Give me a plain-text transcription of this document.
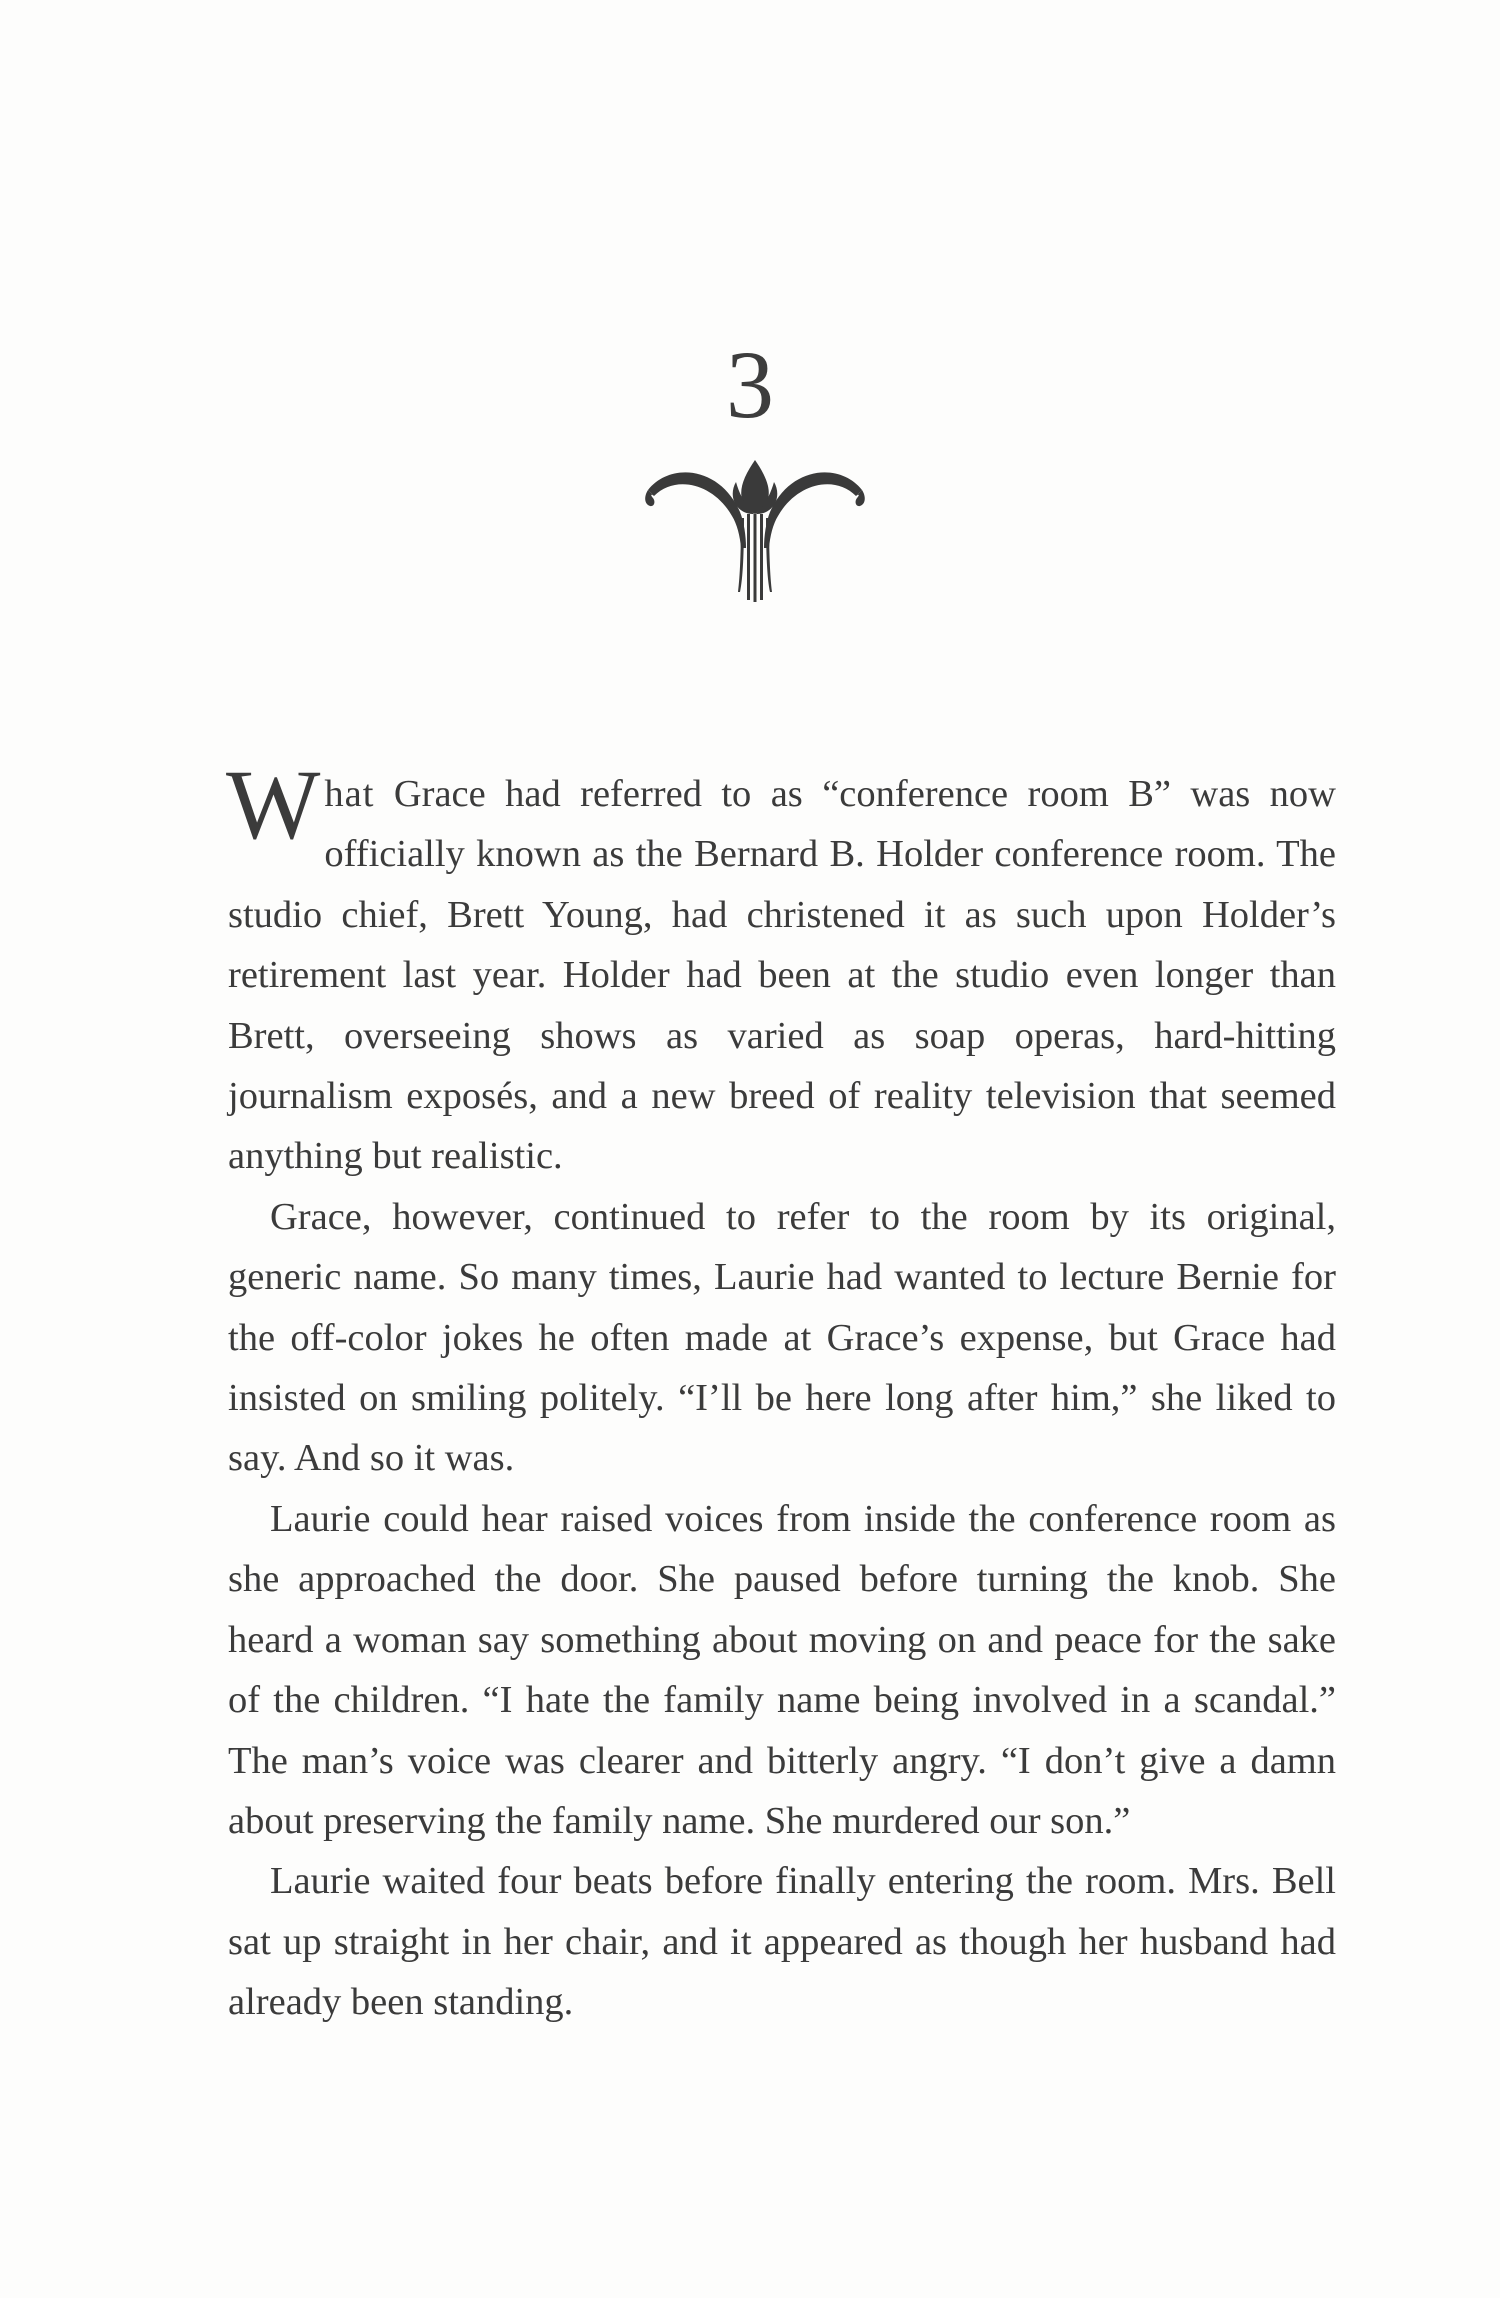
3

What Grace had referred to as “conference room B” was now officially known as the Bernard B. Holder conference room. The studio chief, Brett Young, had christened it as such upon Holder’s retirement last year. Holder had been at the studio even longer than Brett, overseeing shows as varied as soap operas, hard-hitting journalism exposés, and a new breed of reality television that seemed anything but realistic.

Grace, however, continued to refer to the room by its original, generic name. So many times, Laurie had wanted to lecture Bernie for the off-color jokes he often made at Grace’s expense, but Grace had insisted on smiling politely. “I’ll be here long after him,” she liked to say. And so it was.

Laurie could hear raised voices from inside the conference room as she approached the door. She paused before turning the knob. She heard a woman say something about moving on and peace for the sake of the children. “I hate the family name being involved in a scandal.” The man’s voice was clearer and bitterly angry. “I don’t give a damn about preserving the family name. She murdered our son.”

Laurie waited four beats before finally entering the room. Mrs. Bell sat up straight in her chair, and it appeared as though her husband had already been standing.
